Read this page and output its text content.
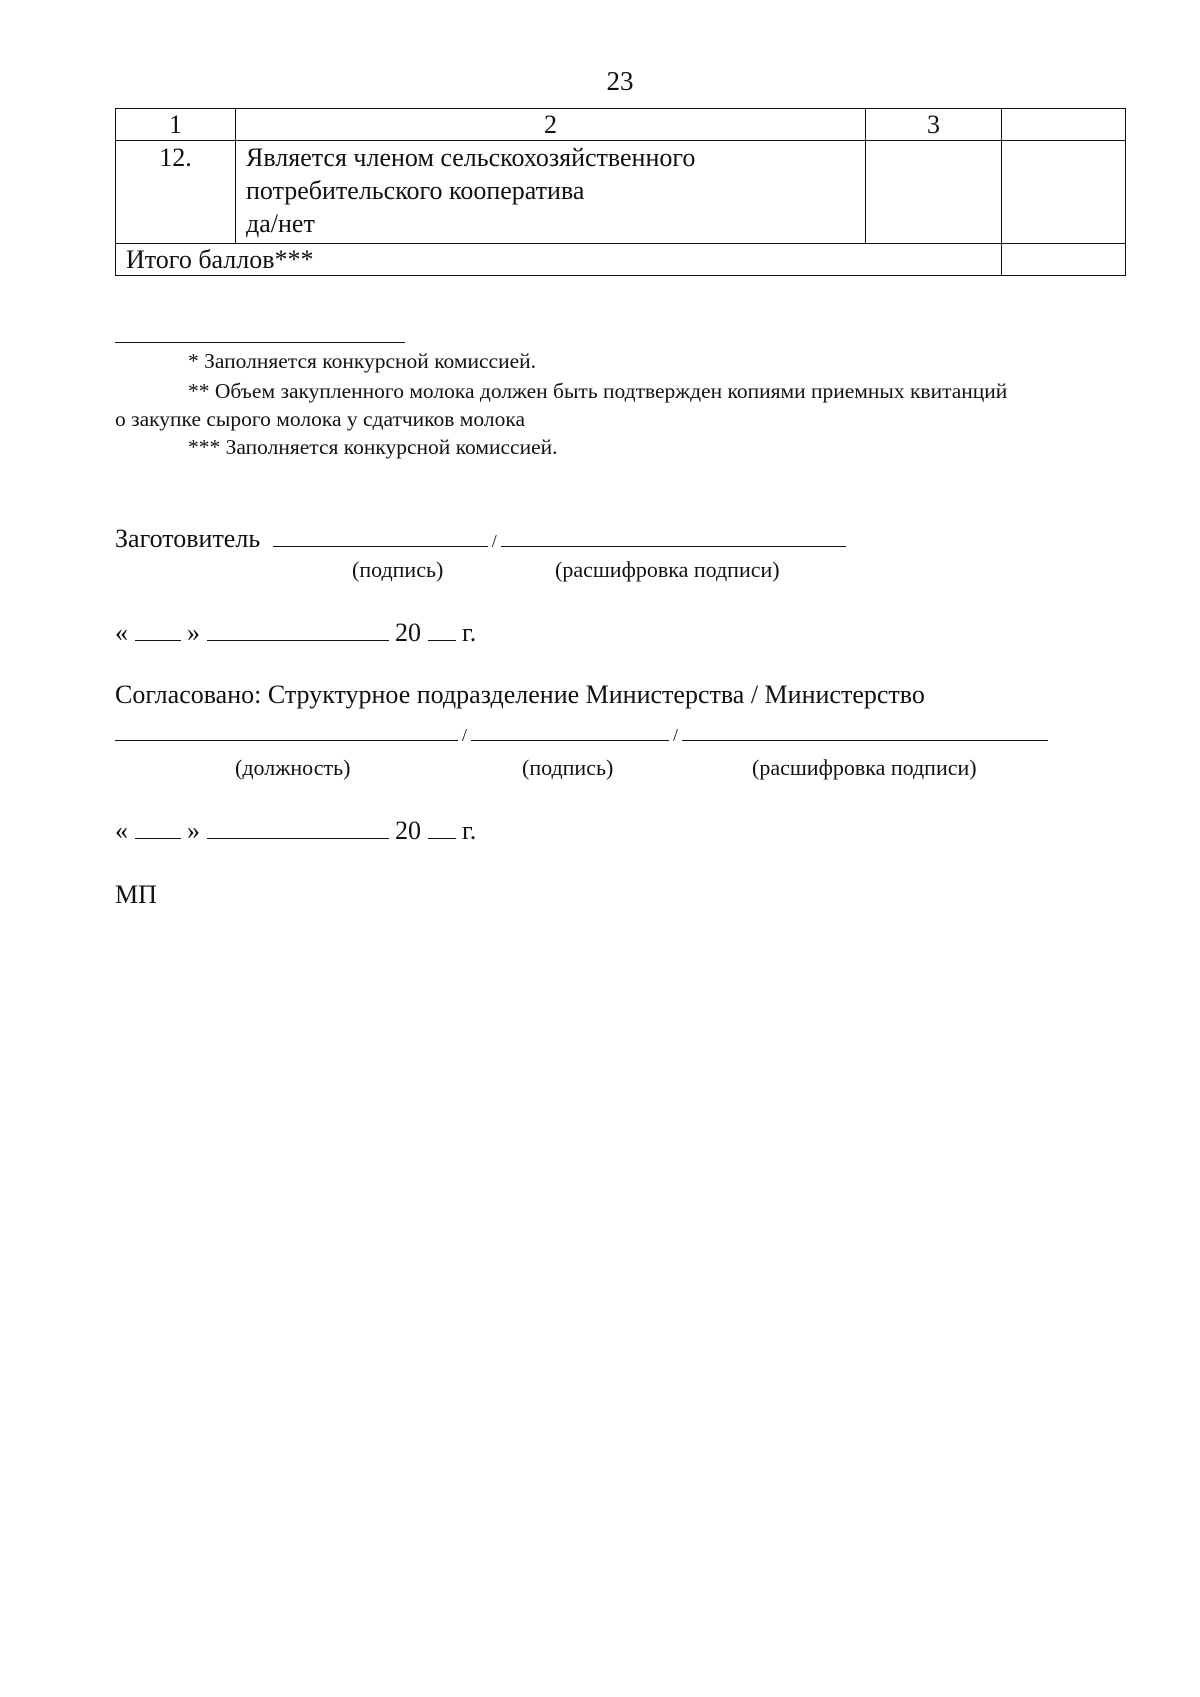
23
1	2	3	
12.	Является членом сельскохозяйственного
потребительского кооператива
да/нет		

Итого баллов***			
* Заполняется конкурсной комиссией.
** Объем закупленного молока должен быть подтвержден копиями приемных квитанций
о закупке сырого молока у сдатчиков молока
*** Заполняется конкурсной комиссией.
Заготовитель	/
(подпись)	(расшифровка подписи)
« »	20 г.
Согласовано: Структурное подразделение Министерства / Министерство
/	/
(должность)	(подпись)	(расшифровка подписи)
« »	20 г.
МП
